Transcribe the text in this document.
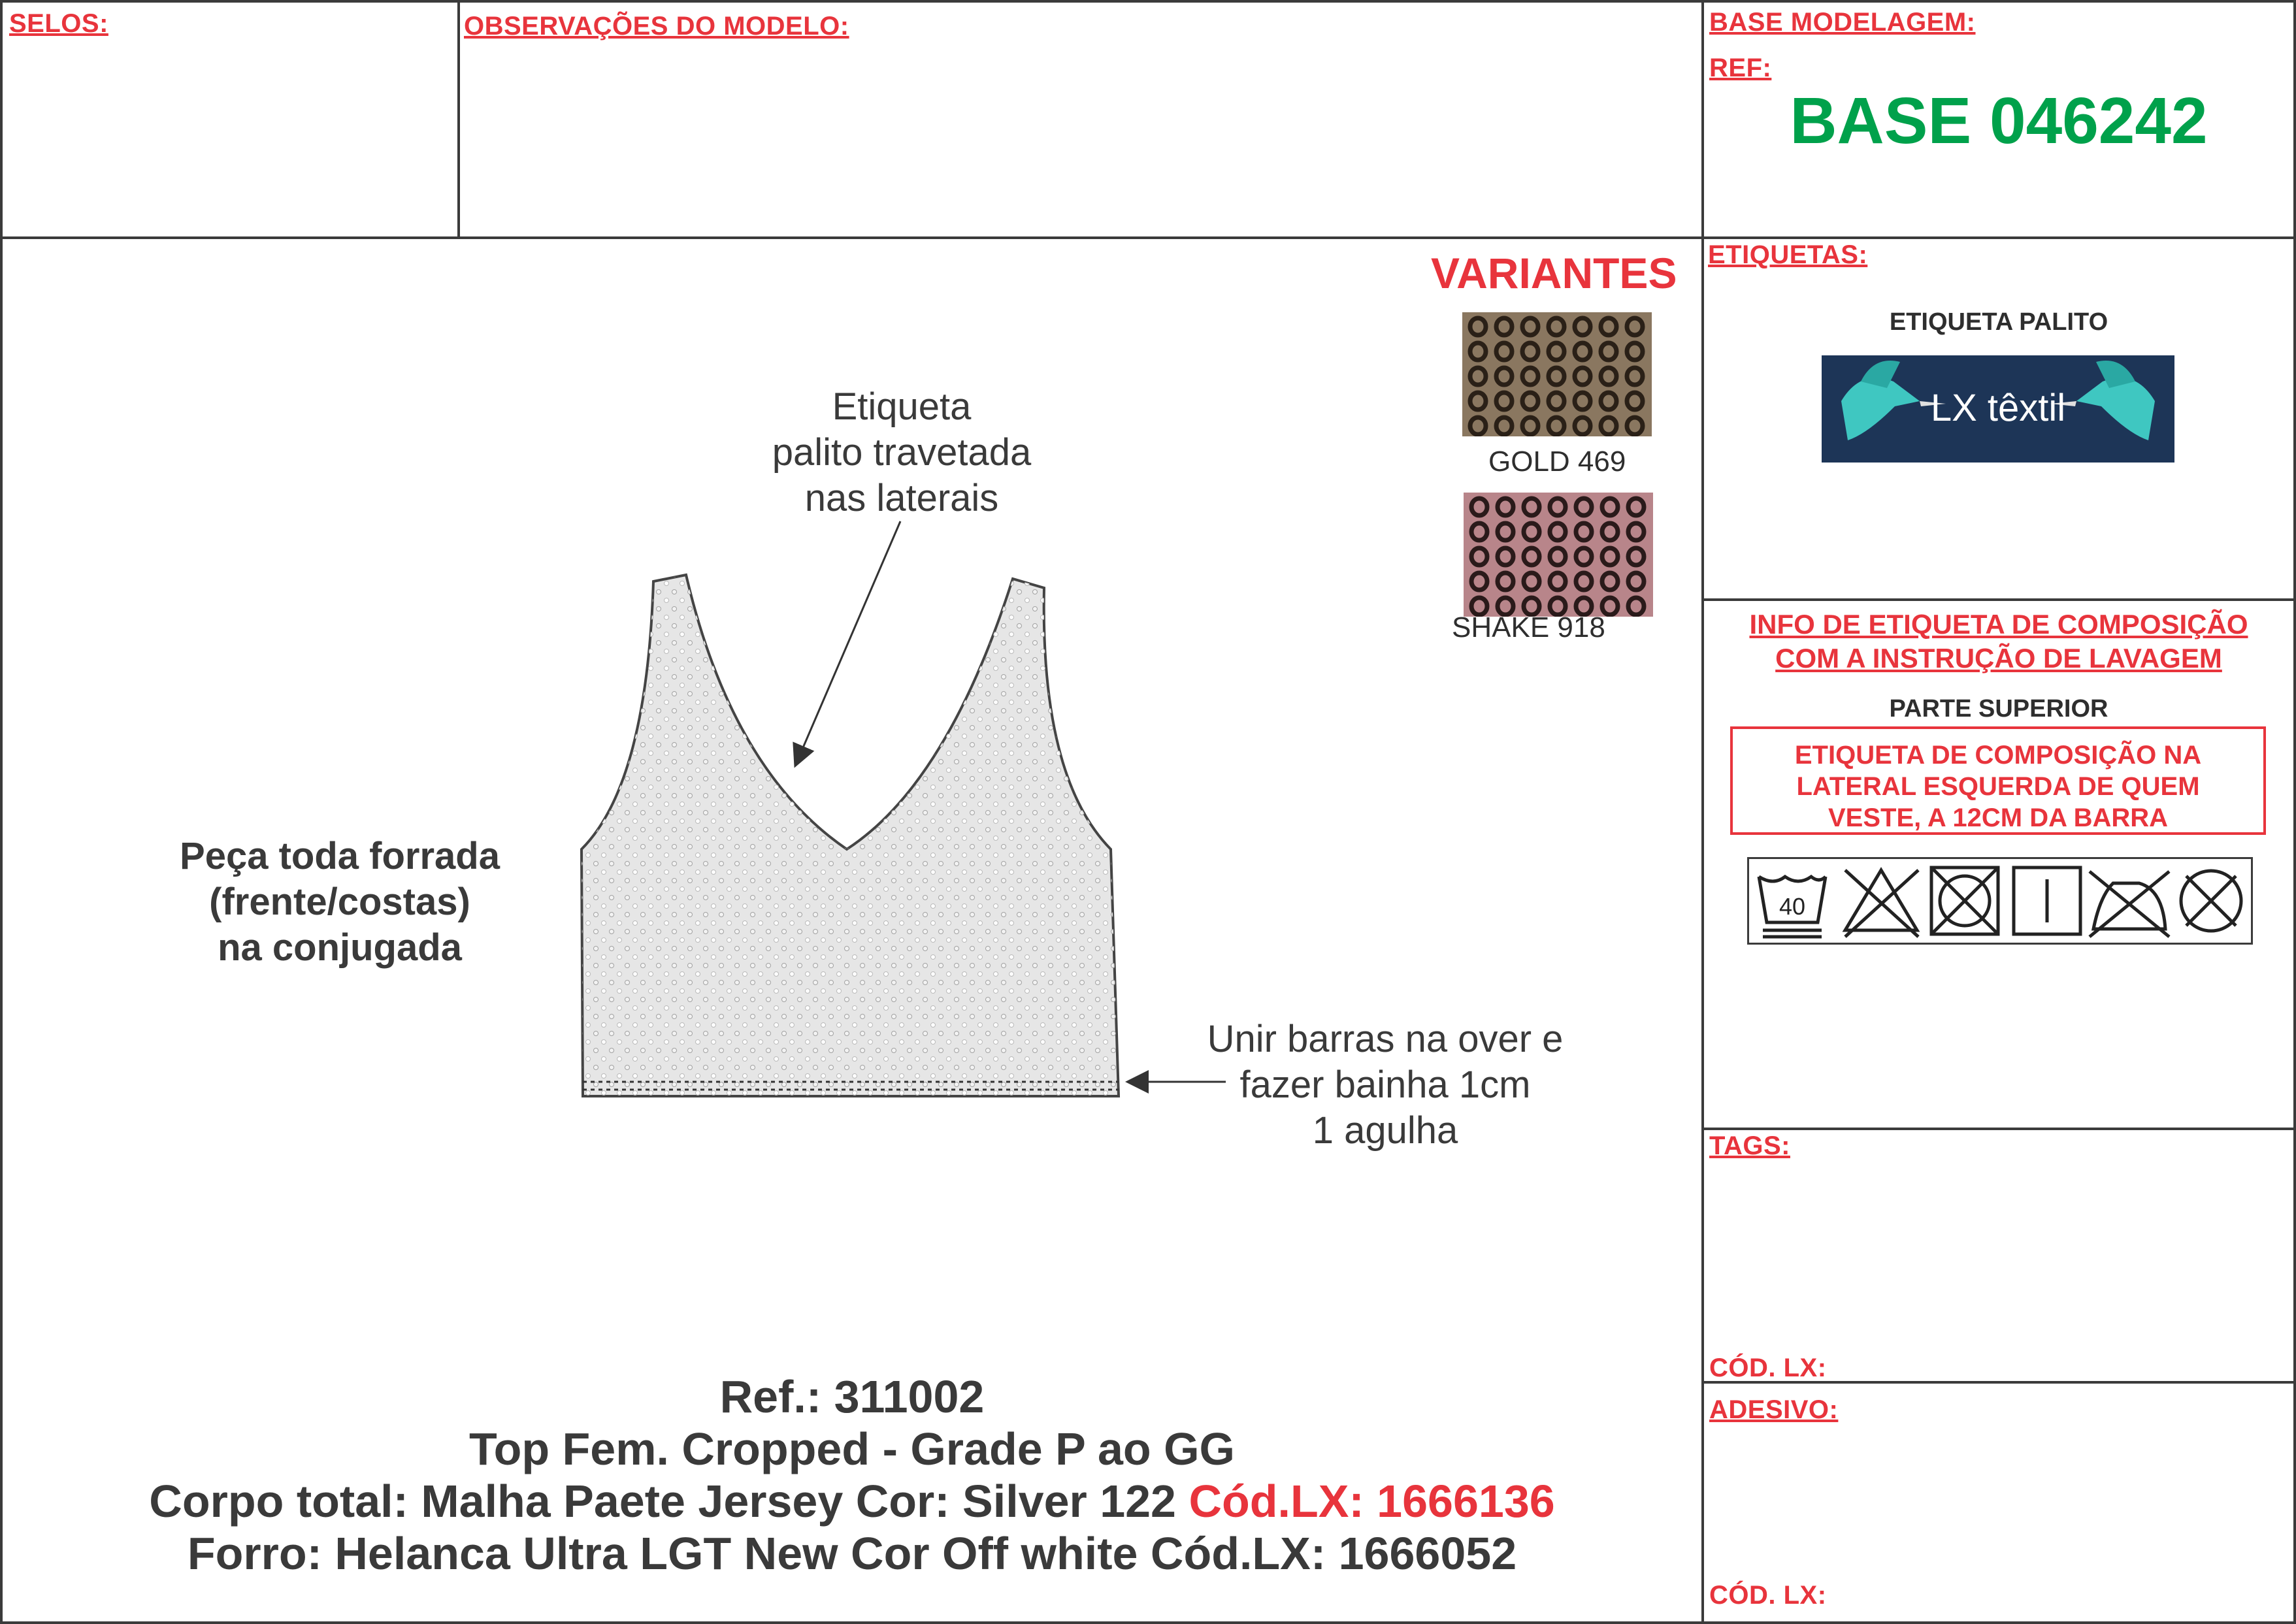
SELOS:	OBSERVAÇÕES DO MODELO:	BASE MODELAGEM:
REF:
BASE 046242
VARIANTES
GOLD 469
SHAKE 918
Etiqueta
palito travetada
nas laterais
Peça toda forrada
(frente/costas)
na conjugada
Unir barras na over e
fazer bainha 1cm
1 agulha
Ref.: 311002
Top Fem. Cropped - Grade P ao GG
Corpo total: Malha Paete Jersey Cor: Silver 122 Cód.LX: 1666136
Forro: Helanca Ultra LGT New Cor Off white Cód.LX: 1666052
ETIQUETAS:
ETIQUETA PALITO
LX têxtil
INFO DE ETIQUETA DE COMPOSIÇÃO
COM A INSTRUÇÃO DE LAVAGEM
PARTE SUPERIOR
ETIQUETA DE COMPOSIÇÃO NA
LATERAL ESQUERDA DE QUEM
VESTE, A 12CM DA BARRA
40
TAGS:
CÓD. LX:
ADESIVO:
CÓD. LX:
